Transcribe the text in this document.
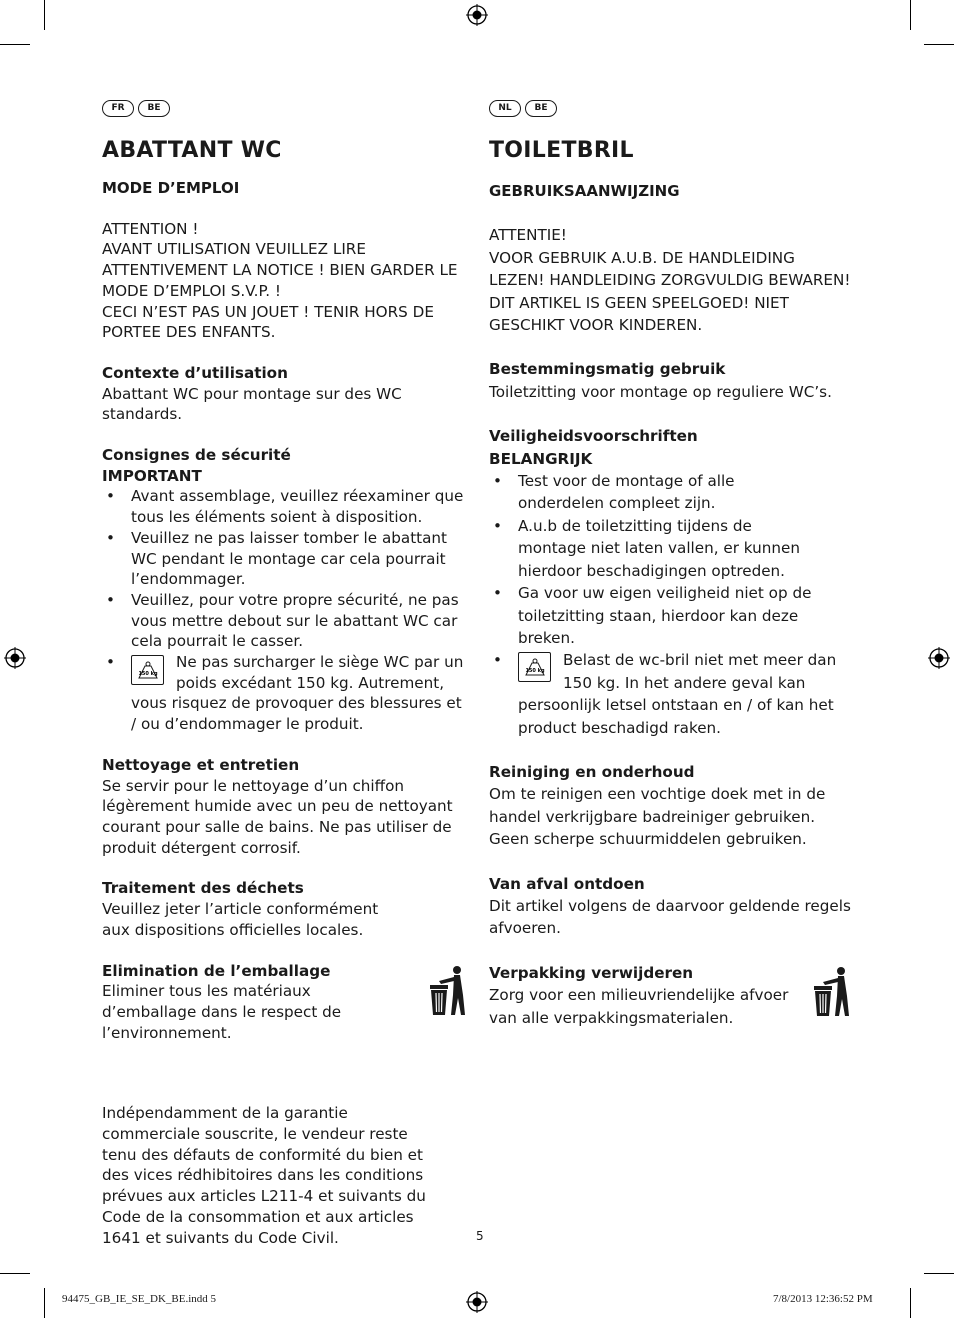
FR	BE
ABATTANT WC
MODE D’EMPLOI
ATTENTION !
AVANT UTILISATION VEUILLEZ LIRE ATTENTIVEMENT LA NOTICE ! BIEN GARDER LE MODE D’EMPLOI S.V.P. !
CECI N’EST PAS UN JOUET ! TENIR HORS DE PORTEE DES ENFANTS.
Contexte d’utilisation
Abattant WC pour montage sur des WC standards.
Consignes de sécurité
IMPORTANT
• Avant assemblage, veuillez réexaminer que tous les éléments soient à disposition.
• Veuillez ne pas laisser tomber le abattant WC pendant le montage car cela pourrait l’endommager.
• Veuillez, pour votre propre sécurité, ne pas vous mettre debout sur le abattant WC car cela pourrait le casser.
• 150 kg
Ne pas surcharger le siège WC par un poids excédant 150 kg. Autrement, vous risquez de provoquer des blessures et / ou d’endommager le produit.
Nettoyage et entretien
Se servir pour le nettoyage d’un chiffon légèrement humide avec un peu de nettoyant courant pour salle de bains. Ne pas utiliser de produit détergent corrosif.
Traitement des déchets
Veuillez jeter l’article conformément aux dispositions officielles locales.
Elimination de l’emballage
Eliminer tous les matériaux d’emballage dans le respect de l’environnement.
Indépendamment de la garantie commerciale souscrite, le vendeur reste tenu des défauts de conformité du bien et des vices rédhibitoires dans les conditions prévues aux articles L211-4 et suivants du Code de la consommation et aux articles 1641 et suivants du Code Civil.
NL	BE
TOILETBRIL
GEBRUIKSAANWIJZING
ATTENTIE!
VOOR GEBRUIK A.U.B. DE HANDLEIDING LEZEN! HANDLEIDING ZORGVULDIG BEWAREN!
DIT ARTIKEL IS GEEN SPEELGOED! NIET GESCHIKT VOOR KINDEREN.
Bestemmingsmatig gebruik
Toiletzitting voor montage op reguliere WC’s.
Veiligheidsvoorschriften
BELANGRIJK
• Test voor de montage of alle onderdelen compleet zijn.
• A.u.b de toiletzitting tijdens de montage niet laten vallen, er kunnen hierdoor beschadigingen optreden.
• Ga voor uw eigen veiligheid niet op de toiletzitting staan, hierdoor kan deze breken.
• 150 kg
Belast de wc-bril niet met meer dan 150 kg. In het andere geval kan persoonlijk letsel ontstaan en / of kan het product beschadigd raken.
Reiniging en onderhoud
Om te reinigen een vochtige doek met in de handel verkrijgbare badreiniger gebruiken. Geen scherpe schuurmiddelen gebruiken.
Van afval ontdoen
Dit artikel volgens de daarvoor geldende regels afvoeren.
Verpakking verwijderen
Zorg voor een milieuvriendelijke afvoer van alle verpakkingsmaterialen.
5
94475_GB_IE_SE_DK_BE.indd 5	7/8/2013 12:36:52 PM
